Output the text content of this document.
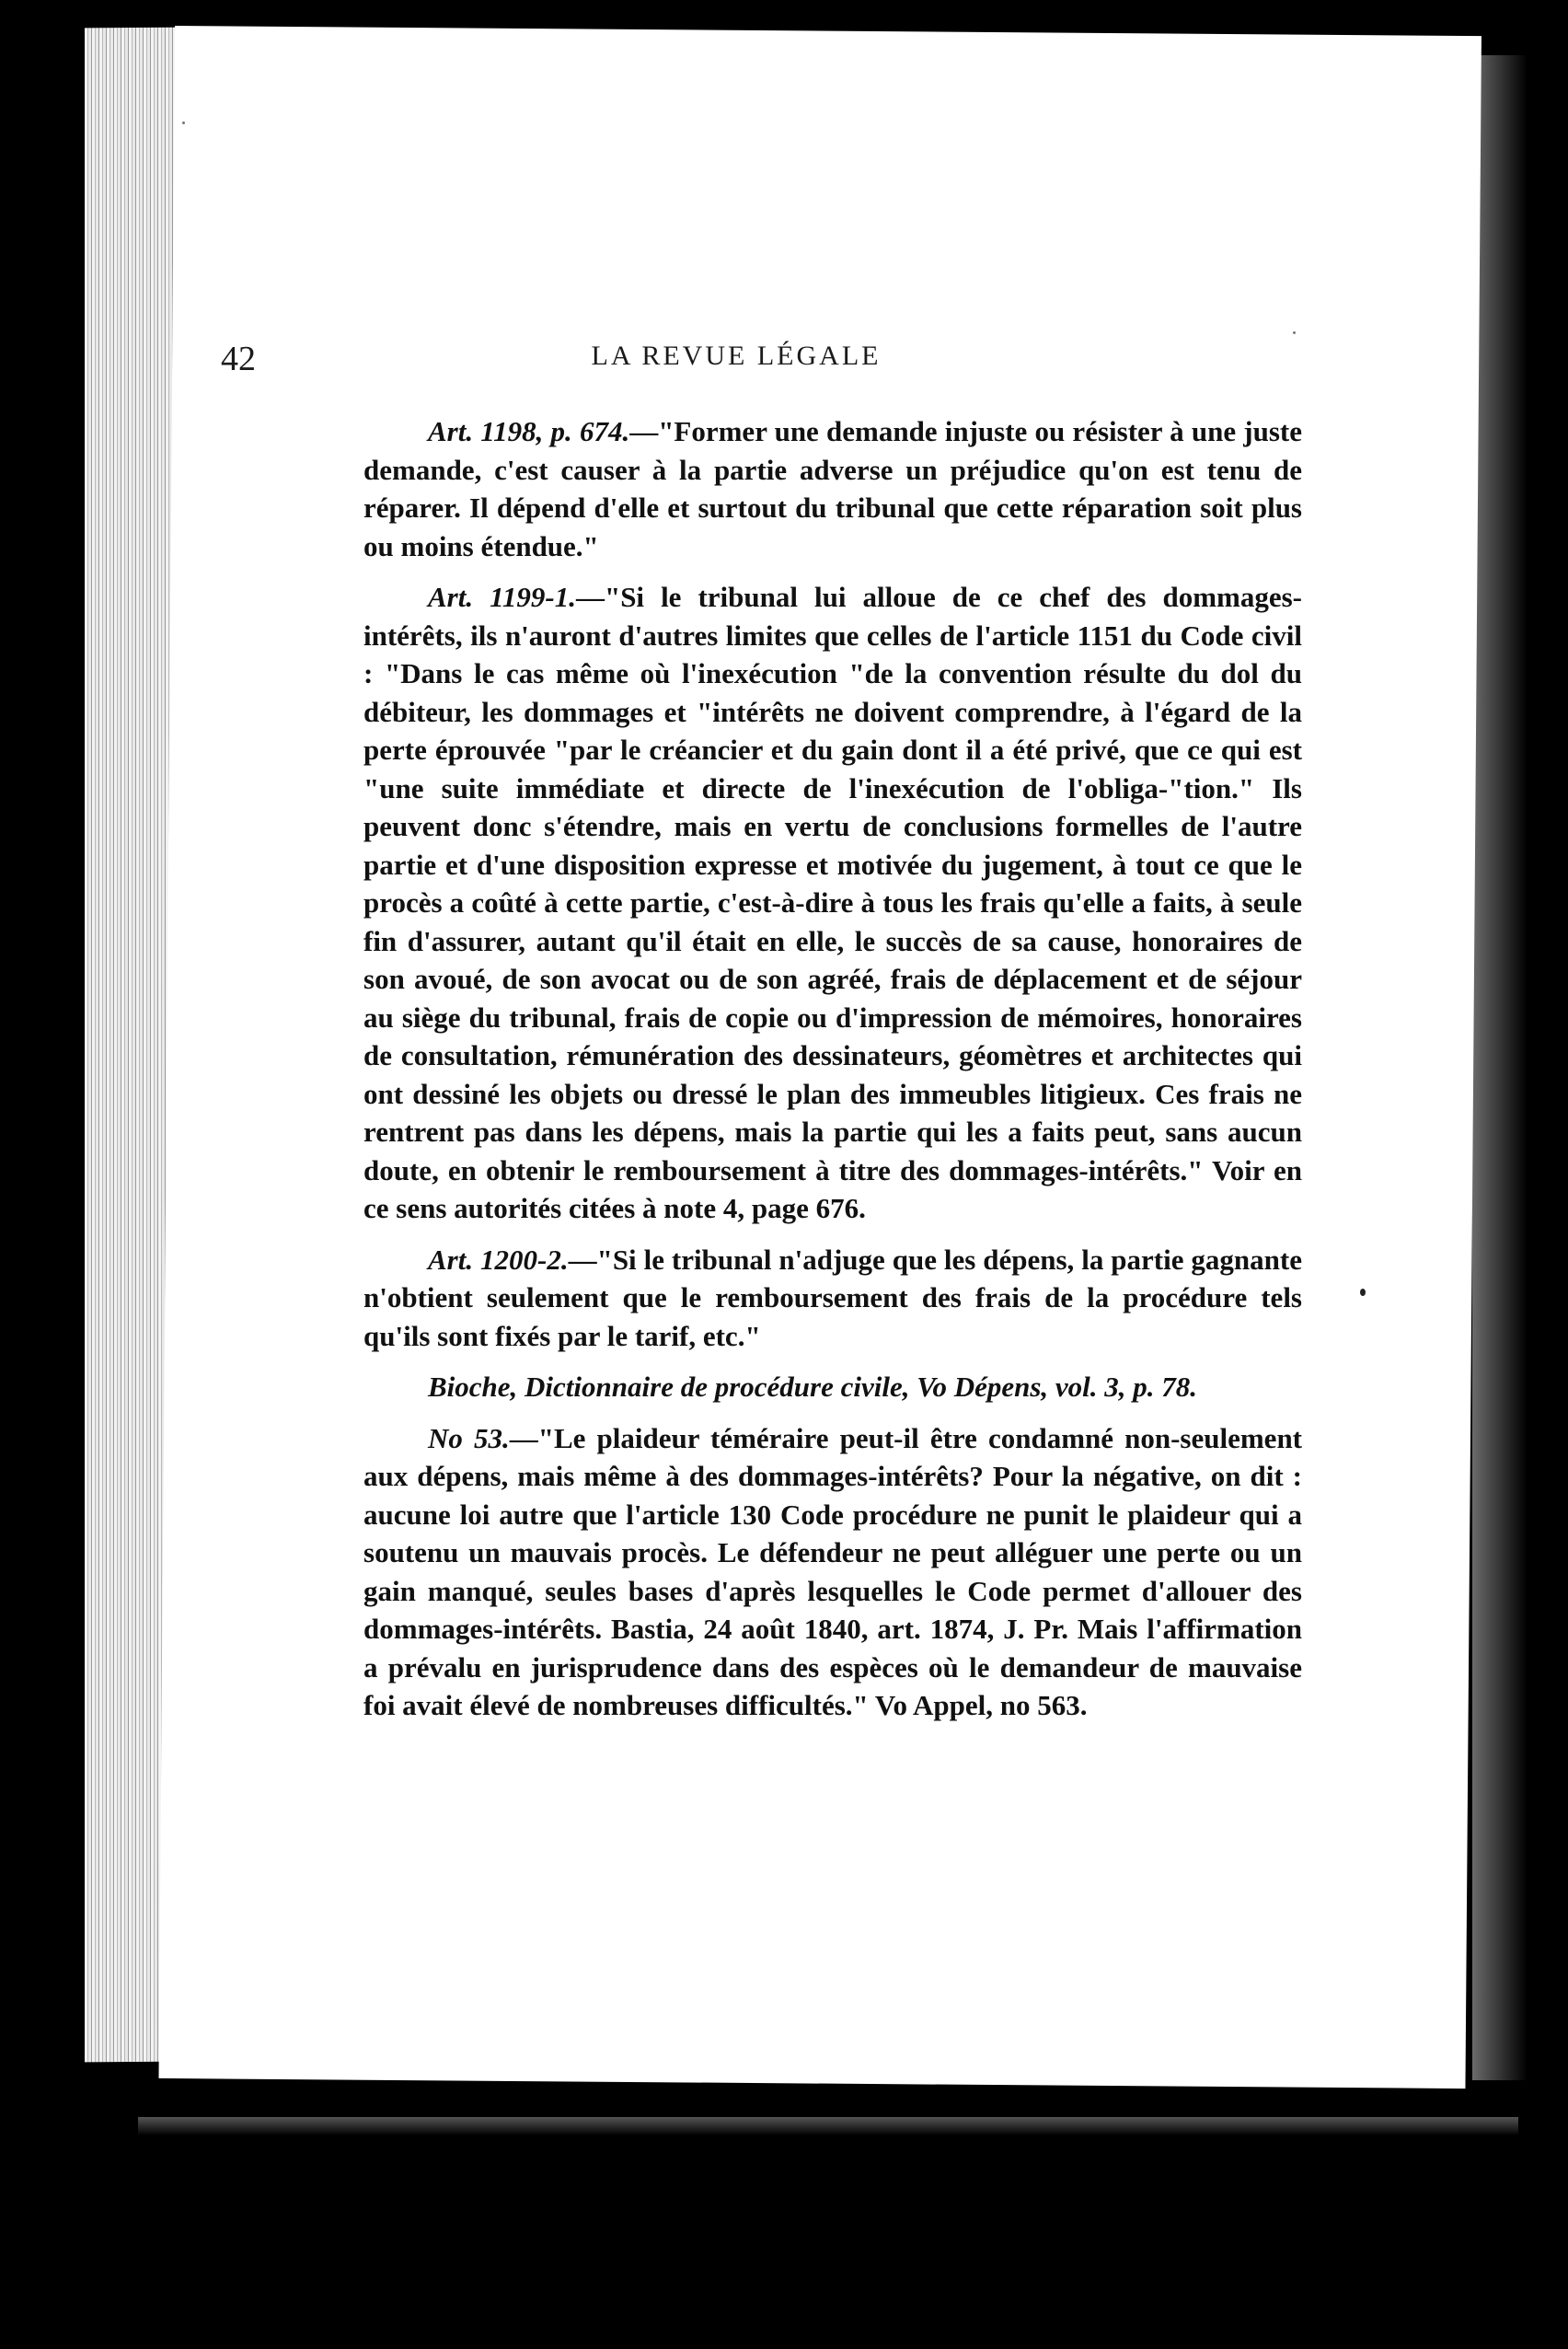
42	LA REVUE LÉGALE

Art. 1198, p. 674.—"Former une demande injuste ou résister à une juste demande, c'est causer à la partie adverse un préjudice qu'on est tenu de réparer. Il dépend d'elle et surtout du tribunal que cette réparation soit plus ou moins étendue."

Art. 1199-1.—"Si le tribunal lui alloue de ce chef des dommages-intérêts, ils n'auront d'autres limites que celles de l'article 1151 du Code civil : "Dans le cas même où l'inexécution "de la convention résulte du dol du débiteur, les dommages et "intérêts ne doivent comprendre, à l'égard de la perte éprouvée "par le créancier et du gain dont il a été privé, que ce qui est "une suite immédiate et directe de l'inexécution de l'obliga-"tion." Ils peuvent donc s'étendre, mais en vertu de conclusions formelles de l'autre partie et d'une disposition expresse et motivée du jugement, à tout ce que le procès a coûté à cette partie, c'est-à-dire à tous les frais qu'elle a faits, à seule fin d'assurer, autant qu'il était en elle, le succès de sa cause, honoraires de son avoué, de son avocat ou de son agréé, frais de déplacement et de séjour au siège du tribunal, frais de copie ou d'impression de mémoires, honoraires de consultation, rémunération des dessinateurs, géomètres et architectes qui ont dessiné les objets ou dressé le plan des immeubles litigieux. Ces frais ne rentrent pas dans les dépens, mais la partie qui les a faits peut, sans aucun doute, en obtenir le remboursement à titre des dommages-intérêts." Voir en ce sens autorités citées à note 4, page 676.

Art. 1200-2.—"Si le tribunal n'adjuge que les dépens, la partie gagnante n'obtient seulement que le remboursement des frais de la procédure tels qu'ils sont fixés par le tarif, etc."

Bioche, Dictionnaire de procédure civile, Vo Dépens, vol. 3, p. 78.

No 53.—"Le plaideur téméraire peut-il être condamné non-seulement aux dépens, mais même à des dommages-intérêts? Pour la négative, on dit : aucune loi autre que l'article 130 Code procédure ne punit le plaideur qui a soutenu un mauvais procès. Le défendeur ne peut alléguer une perte ou un gain manqué, seules bases d'après lesquelles le Code permet d'allouer des dommages-intérêts. Bastia, 24 août 1840, art. 1874, J. Pr. Mais l'affirmation a prévalu en jurisprudence dans des espèces où le demandeur de mauvaise foi avait élevé de nombreuses difficultés." Vo Appel, no 563.
